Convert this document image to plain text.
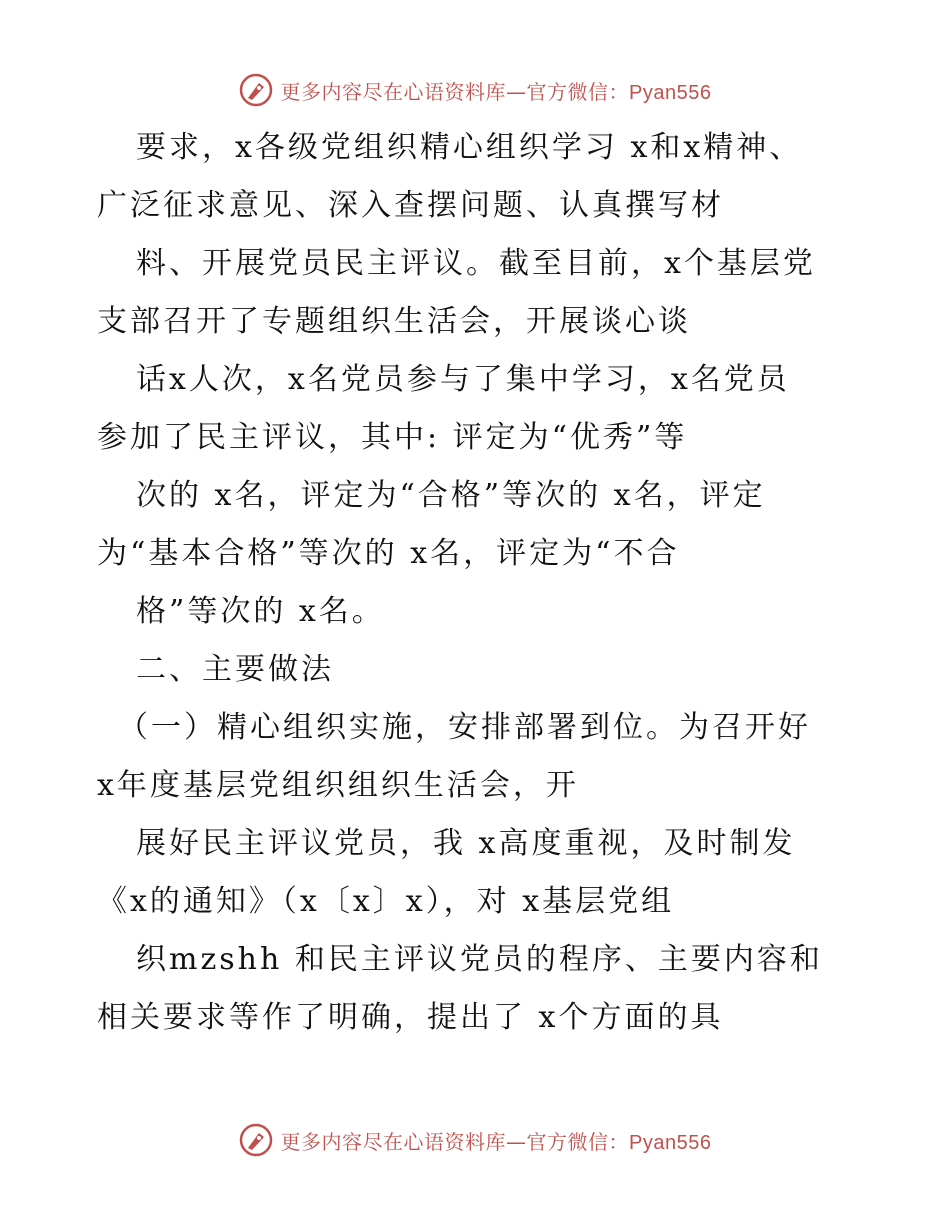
更多内容尽在心语资料库—官方微信：Pyan556
要求，x各级党组织精心组织学习 x和x精神、
广泛征求意见、深入查摆问题、认真撰写材
料、开展党员民主评议。截至目前，x个基层党
支部召开了专题组织生活会，开展谈心谈
话x人次，x名党员参与了集中学习，x名党员
参加了民主评议，其中: 评定为“优秀”等
次的 x名，评定为“合格”等次的 x名，评定
为“基本合格”等次的 x名，评定为“不合
格”等次的 x名。
二、主要做法
（一）精心组织实施，安排部署到位。为召开好
x年度基层党组织组织生活会，开
展好民主评议党员，我 x高度重视，及时制发
《x的通知》（x〔x〕x），对 x基层党组
织mzshh 和民主评议党员的程序、主要内容和
相关要求等作了明确，提出了 x个方面的具
更多内容尽在心语资料库—官方微信：Pyan556
